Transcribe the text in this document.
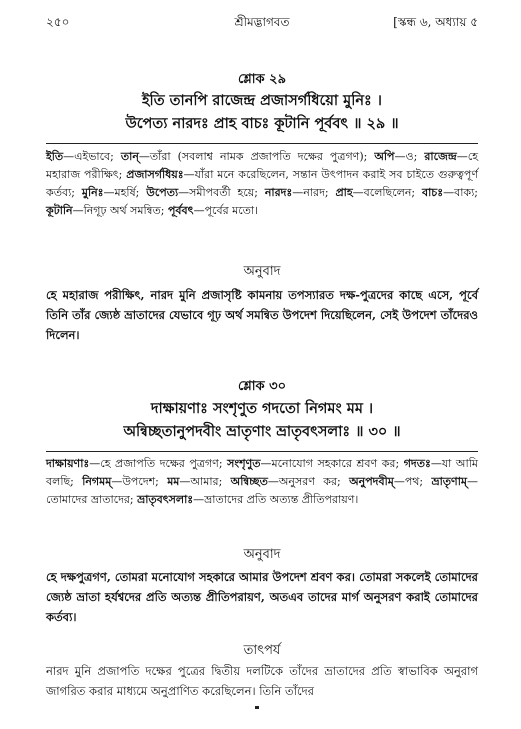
২৫০	শ্রীমদ্ভাগবত	[স্কন্ধ ৬, অধ্যায় ৫
শ্লোক ২৯
ইতি তানপি রাজেন্দ্র প্রজাসর্গধিয়ো মুনিঃ ।
উপেত্য নারদঃ প্রাহ বাচঃ কূটানি পূর্ববৎ ॥ ২৯ ॥
ইতি—এইভাবে; তান্—তাঁরা (সবলাশ্ব নামক প্রজাপতি দক্ষের পুত্রগণ); অপি—ও; রাজেন্দ্র—হে মহারাজ পরীক্ষিৎ; প্রজাসর্গধিয়ঃ—যাঁরা মনে করেছিলেন, সন্তান উৎপাদন করাই সব চাইতে গুরুত্বপূর্ণ কর্তব্য; মুনিঃ—মহর্ষি; উপেত্য—সমীপবর্তী হয়ে; নারদঃ—নারদ; প্রাহ—বলেছিলেন; বাচঃ—বাক্য; কূটানি—নিগূঢ় অর্থ সমন্বিত; পূর্ববৎ—পূর্বের মতো।
অনুবাদ
হে মহারাজ পরীক্ষিৎ, নারদ মুনি প্রজাসৃষ্টি কামনায় তপস্যারত দক্ষ-পুত্রদের কাছে এসে, পূর্বে তিনি তাঁর জ্যেষ্ঠ ভ্রাতাদের যেভাবে গূঢ় অর্থ সমন্বিত উপদেশ দিয়েছিলেন, সেই উপদেশ তাঁদেরও দিলেন।
শ্লোক ৩০
দাক্ষায়ণাঃ সংশৃণুত গদতো নিগমং মম ।
অন্বিচ্ছতানুপদবীং ভ্রাতৃণাং ভ্রাতৃবৎসলাঃ ॥ ৩০ ॥
দাক্ষায়ণাঃ—হে প্রজাপতি দক্ষের পুত্রগণ; সংশৃণুত—মনোযোগ সহকারে শ্রবণ কর; গদতঃ—যা আমি বলছি; নিগমম্—উপদেশ; মম—আমার; অন্বিচ্ছত—অনুসরণ কর; অনুপদবীম্—পথ; ভ্রাতৃণাম্—তোমাদের ভ্রাতাদের; ভ্রাতৃবৎসলাঃ—ভ্রাতাদের প্রতি অত্যন্ত প্রীতিপরায়ণ।
অনুবাদ
হে দক্ষপুত্রগণ, তোমরা মনোযোগ সহকারে আমার উপদেশ শ্রবণ কর। তোমরা সকলেই তোমাদের জ্যেষ্ঠ ভ্রাতা হর্যশ্বদের প্রতি অত্যন্ত প্রীতিপরায়ণ, অতএব তাদের মার্গ অনুসরণ করাই তোমাদের কর্তব্য।
তাৎপর্য
নারদ মুনি প্রজাপতি দক্ষের পুত্রের দ্বিতীয় দলটিকে তাঁদের ভ্রাতাদের প্রতি স্বাভাবিক অনুরাগ জাগরিত করার মাধ্যমে অনুপ্রাণিত করেছিলেন। তিনি তাঁদের
